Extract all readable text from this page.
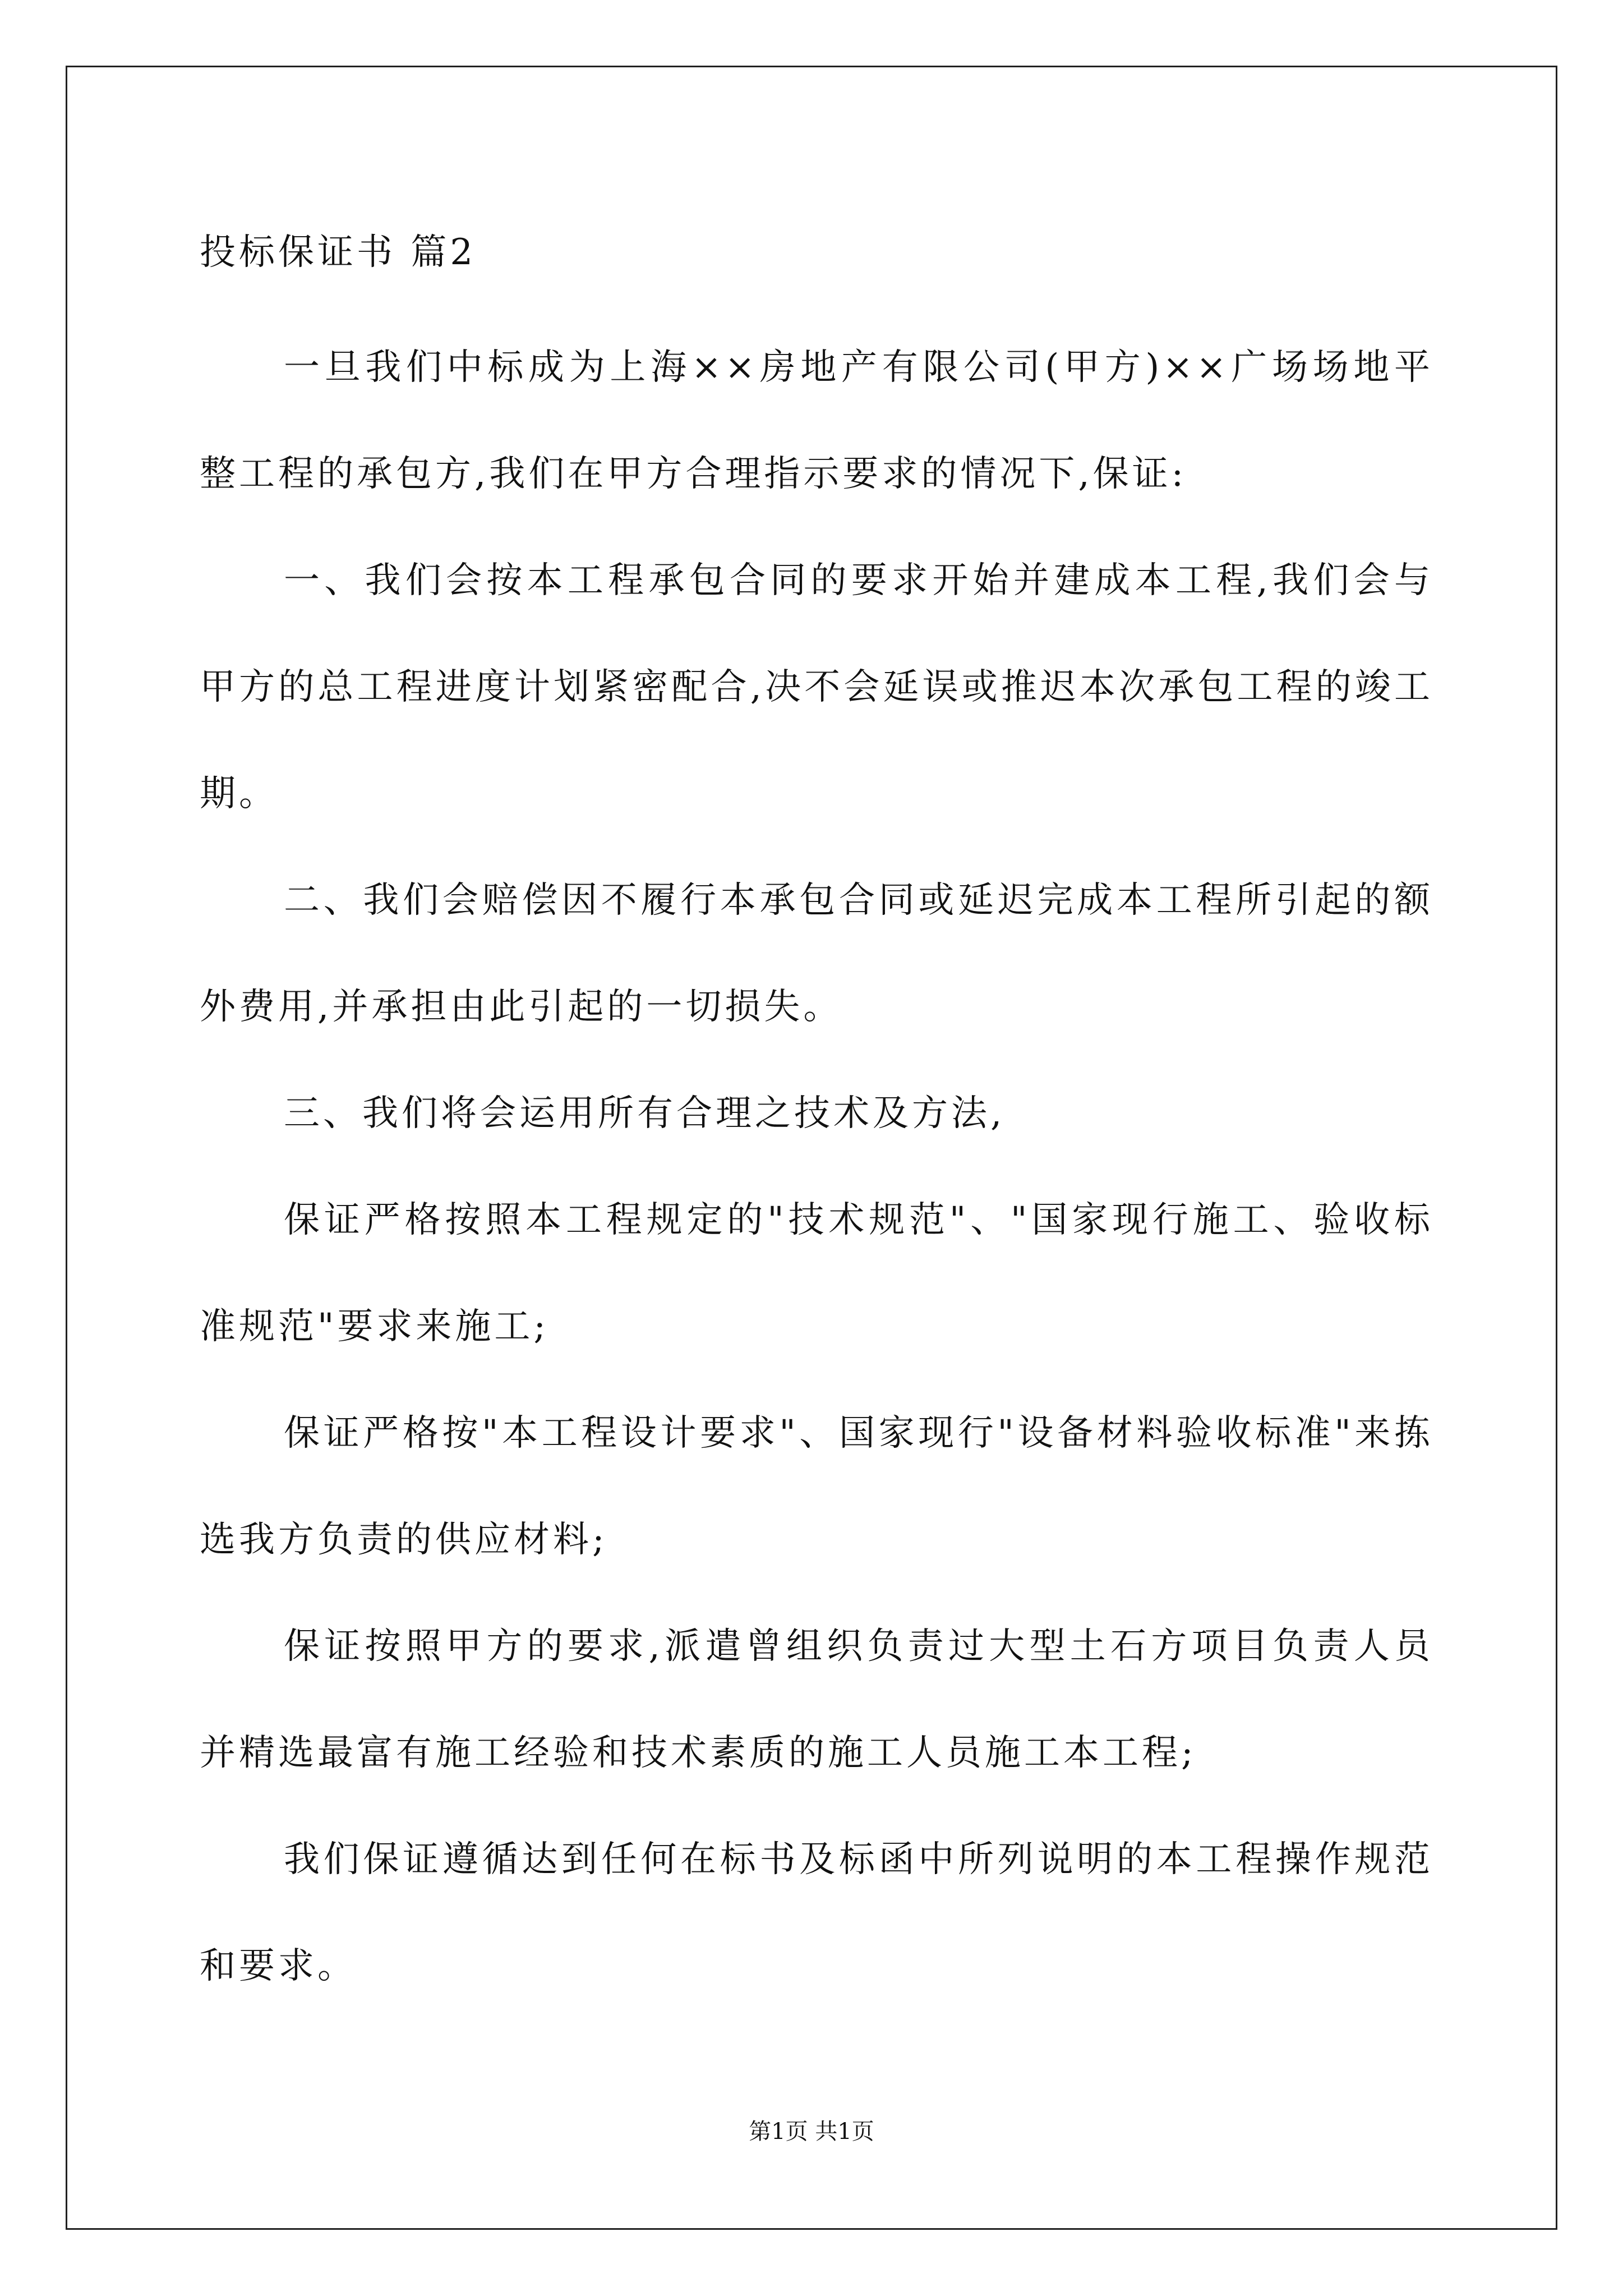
投标保证书 篇2

一旦我们中标成为上海××房地产有限公司(甲方)××广场场地平整工程的承包方,我们在甲方合理指示要求的情况下,保证:

一、我们会按本工程承包合同的要求开始并建成本工程,我们会与甲方的总工程进度计划紧密配合,决不会延误或推迟本次承包工程的竣工期。

二、我们会赔偿因不履行本承包合同或延迟完成本工程所引起的额外费用,并承担由此引起的一切损失。

三、我们将会运用所有合理之技术及方法,

保证严格按照本工程规定的"技术规范"、"国家现行施工、验收标准规范"要求来施工;

保证严格按"本工程设计要求"、国家现行"设备材料验收标准"来拣选我方负责的供应材料;

保证按照甲方的要求,派遣曾组织负责过大型土石方项目负责人员并精选最富有施工经验和技术素质的施工人员施工本工程;

我们保证遵循达到任何在标书及标函中所列说明的本工程操作规范和要求。

第1页 共1页
